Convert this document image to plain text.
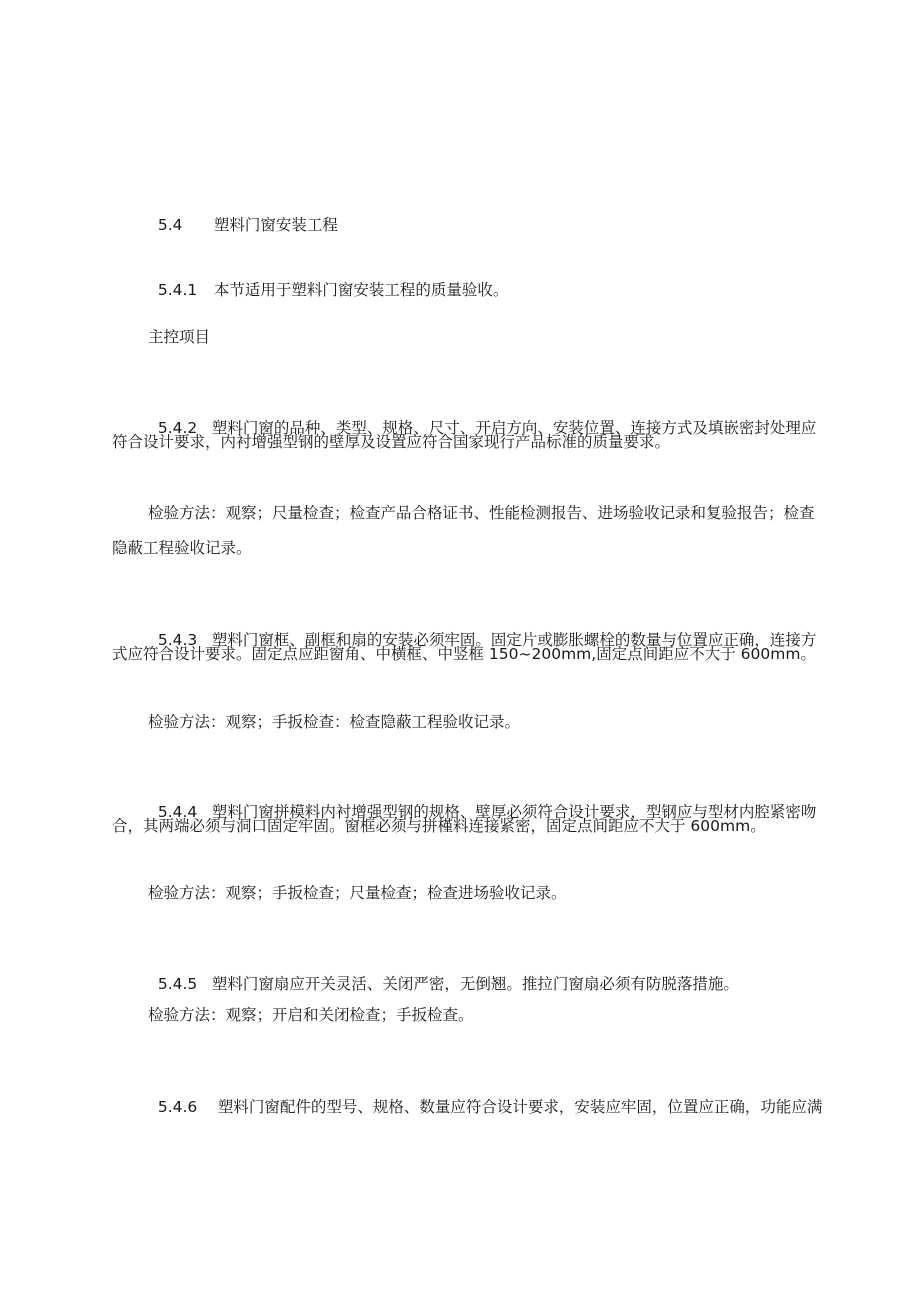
5.4 塑料门窗安装工程

5.4.1 本节适用于塑料门窗安装工程的质量验收。

主控项目

5.4.2 塑料门窗的品种、类型、规格、尺寸、开启方向、安装位置、连接方式及填嵌密封处理应

符合设计要求，内衬增强型钢的壁厚及设置应符合国家现行产品标准的质量要求。
检验方法：观察；尺量检查；检查产品合格证书、性能检测报告、进场验收记录和复验报告；检查
隐蔽工程验收记录。

5.4.3 塑料门窗框、副框和扇的安装必须牢固。固定片或膨胀螺栓的数量与位置应正确，连接方

式应符合设计要求。固定点应距窗角、中横框、中竖框 150~200mm,固定点间距应不大于 600mm。
检验方法：观察；手扳检查：检查隐蔽工程验收记录。

5.4.4 塑料门窗拼模料内衬增强型钢的规格、壁厚必须符合设计要求，型钢应与型材内腔紧密吻

合，其两端必须与洞口固定牢固。窗框必须与拼槿料连接紧密，固定点间距应不大于 600mm。
检验方法：观察；手扳检查；尺量检查；检查进场验收记录。

5.4.5 塑料门窗扇应开关灵活、关闭严密，无倒翘。推拉门窗扇必须有防脱落措施。

检验方法：观察；开启和关闭检查；手扳检查。

5.4.6 塑料门窗配件的型号、规格、数量应符合设计要求，安装应牢固，位置应正确，功能应满
